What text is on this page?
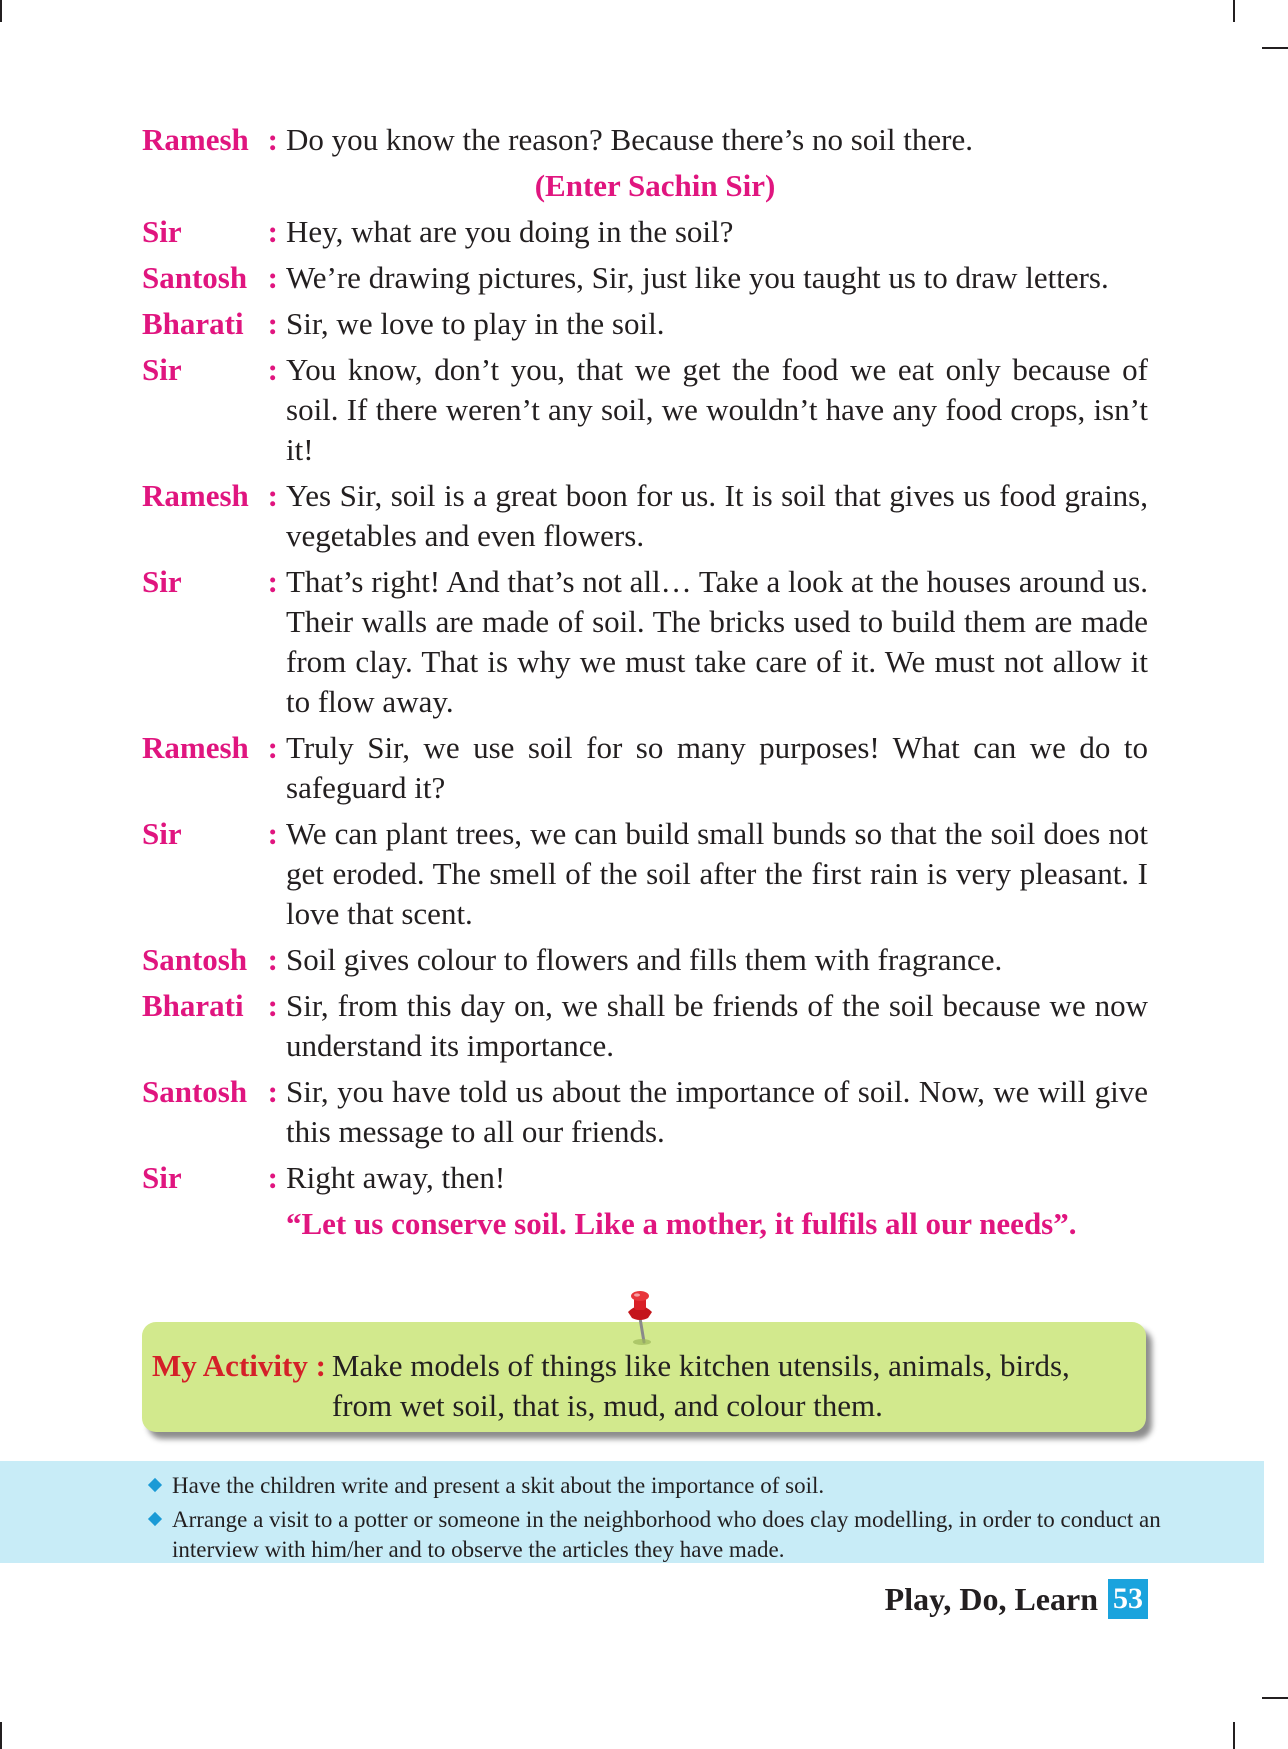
Ramesh : Do you know the reason? Because there’s no soil there.
(Enter Sachin Sir)
Sir	: Hey, what are you doing in the soil?
Santosh : We’re drawing pictures, Sir, just like you taught us to draw letters.
Bharati : Sir, we love to play in the soil.
Sir	: You know, don’t you, that we get the food we eat only because of soil. If there weren’t any soil, we wouldn’t have any food crops, isn’t it!
Ramesh : Yes Sir, soil is a great boon for us. It is soil that gives us food grains, vegetables and even flowers.
Sir	: That’s right! And that’s not all… Take a look at the houses around us. Their walls are made of soil. The bricks used to build them are made from clay. That is why we must take care of it. We must not allow it to flow away.
Ramesh : Truly Sir, we use soil for so many purposes! What can we do to safeguard it?
Sir	: We can plant trees, we can build small bunds so that the soil does not get eroded. The smell of the soil after the first rain is very pleasant. I love that scent.
Santosh : Soil gives colour to flowers and fills them with fragrance.
Bharati : Sir, from this day on, we shall be friends of the soil because we now understand its importance.
Santosh : Sir, you have told us about the importance of soil. Now, we will give this message to all our friends.
Sir	: Right away, then!
“Let us conserve soil. Like a mother, it fulfils all our needs”.
My Activity : Make models of things like kitchen utensils, animals, birds, from wet soil, that is, mud, and colour them.
Have the children write and present a skit about the importance of soil.
Arrange a visit to a potter or someone in the neighborhood who does clay modelling, in order to conduct an interview with him/her and to observe the articles they have made.
Play, Do, Learn 53
